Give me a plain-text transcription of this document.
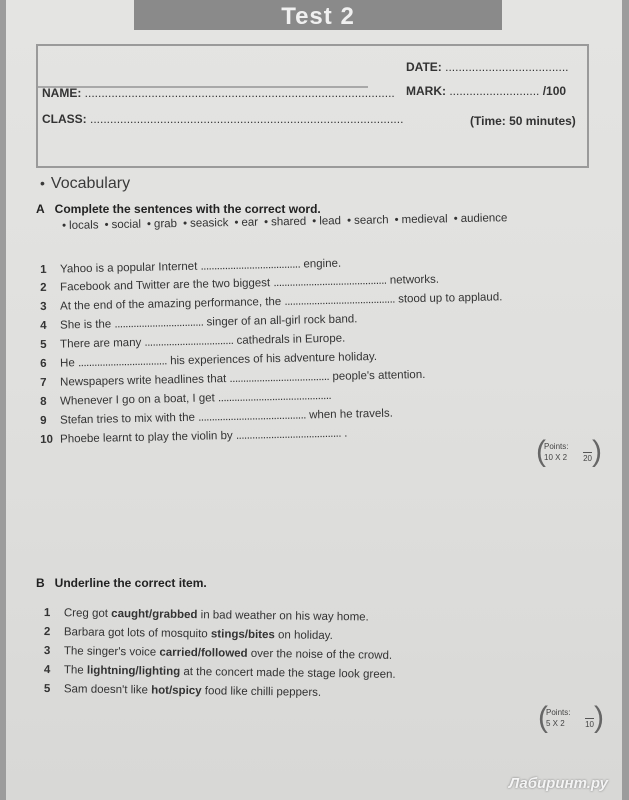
Test 2
DATE: .....................................
NAME: ............................................................................................. MARK: ........................... /100
CLASS: ..............................................................................................	(Time: 50 minutes)
• Vocabulary
A Complete the sentences with the correct word.
• locals • social • grab • seasick • ear • shared • lead • search • medieval • audience
1 Yahoo is a popular Internet ..................................... engine.
2 Facebook and Twitter are the two biggest .......................................... networks.
3 At the end of the amazing performance, the ......................................... stood up to applaud.
4 She is the ................................. singer of an all-girl rock band.
5 There are many ................................. cathedrals in Europe.
6 He ................................. his experiences of his adventure holiday.
7 Newspapers write headlines that ..................................... people's attention.
8 Whenever I go on a boat, I get ..........................................
9 Stefan tries to mix with the ........................................ when he travels.
10 Phoebe learnt to play the violin by ....................................... .
(
Points:
10 X 2 20 )
B Underline the correct item.
1 Creg got caught/grabbed in bad weather on his way home.
2 Barbara got lots of mosquito stings/bites on holiday.
3 The singer's voice carried/followed over the noise of the crowd.
4 The lightning/lighting at the concert made the stage look green.
5 Sam doesn't like hot/spicy food like chilli peppers.
(
Points:
5 X 2	10 )
Лабиринт.ру
